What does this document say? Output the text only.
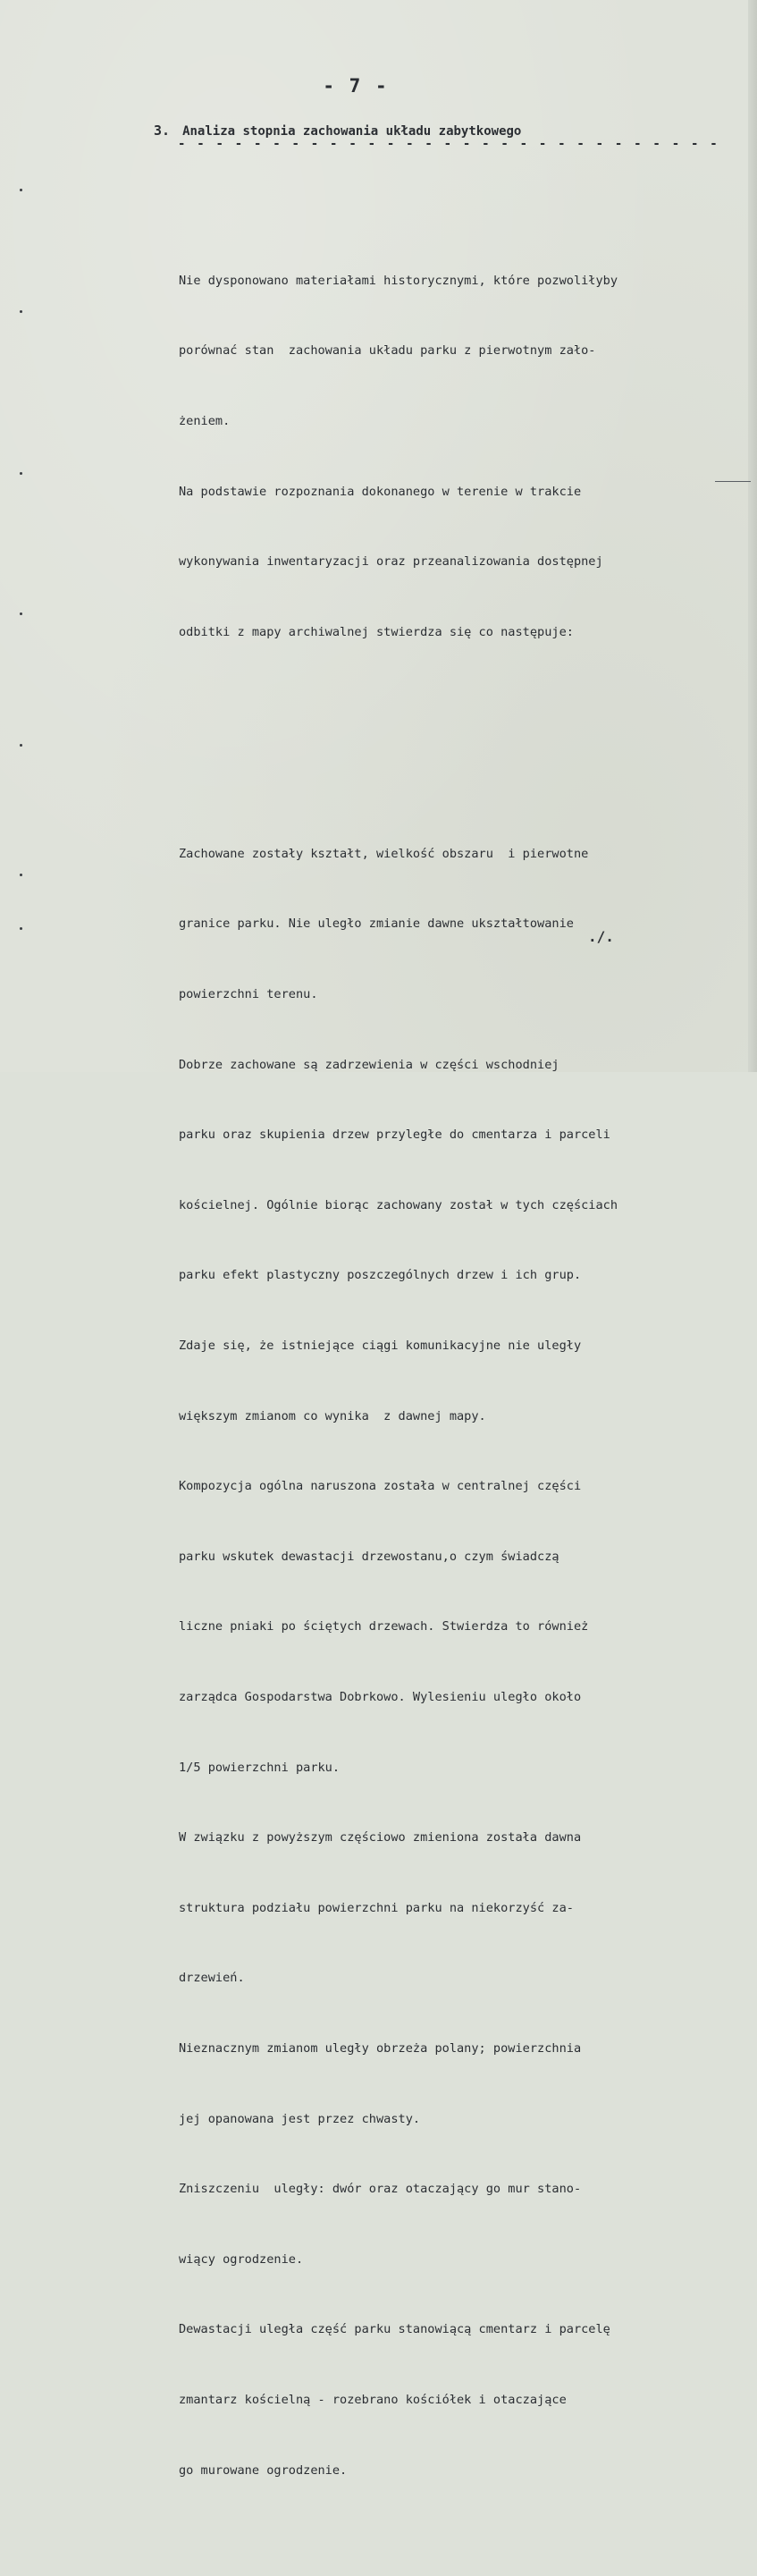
- 7 -
3. Analiza stopnia zachowania układu zabytkowego
- - - - - - - - - - - - - - - - - - - - - - - - - - - - -

Nie dysponowano materiałami historycznymi, które pozwoliłyby

porównać stan  zachowania układu parku z pierwotnym zało-

żeniem.

Na podstawie rozpoznania dokonanego w terenie w trakcie

wykonywania inwentaryzacji oraz przeanalizowania dostępnej

odbitki z mapy archiwalnej stwierdza się co następuje:

Zachowane zostały kształt, wielkość obszaru  i pierwotne

granice parku. Nie uległo zmianie dawne ukształtowanie

powierzchni terenu.

Dobrze zachowane są zadrzewienia w części wschodniej

parku oraz skupienia drzew przyległe do cmentarza i parceli

kościelnej. Ogólnie biorąc zachowany został w tych częściach

parku efekt plastyczny poszczególnych drzew i ich grup.

Zdaje się, że istniejące ciągi komunikacyjne nie uległy

większym zmianom co wynika  z dawnej mapy.

Kompozycja ogólna naruszona została w centralnej części

parku wskutek dewastacji drzewostanu,o czym świadczą

liczne pniaki po ściętych drzewach. Stwierdza to również

zarządca Gospodarstwa Dobrkowo. Wylesieniu uległo około

1/5 powierzchni parku.

W związku z powyższym częściowo zmieniona została dawna

struktura podziału powierzchni parku na niekorzyść za-

drzewień.

Nieznacznym zmianom uległy obrzeża polany; powierzchnia

jej opanowana jest przez chwasty.

Zniszczeniu  uległy: dwór oraz otaczający go mur stano-

wiący ogrodzenie.

Dewastacji uległa część parku stanowiącą cmentarz i parcelę

zmantarz kościelną - rozebrano kościółek i otaczające

go murowane ogrodzenie.

./.
